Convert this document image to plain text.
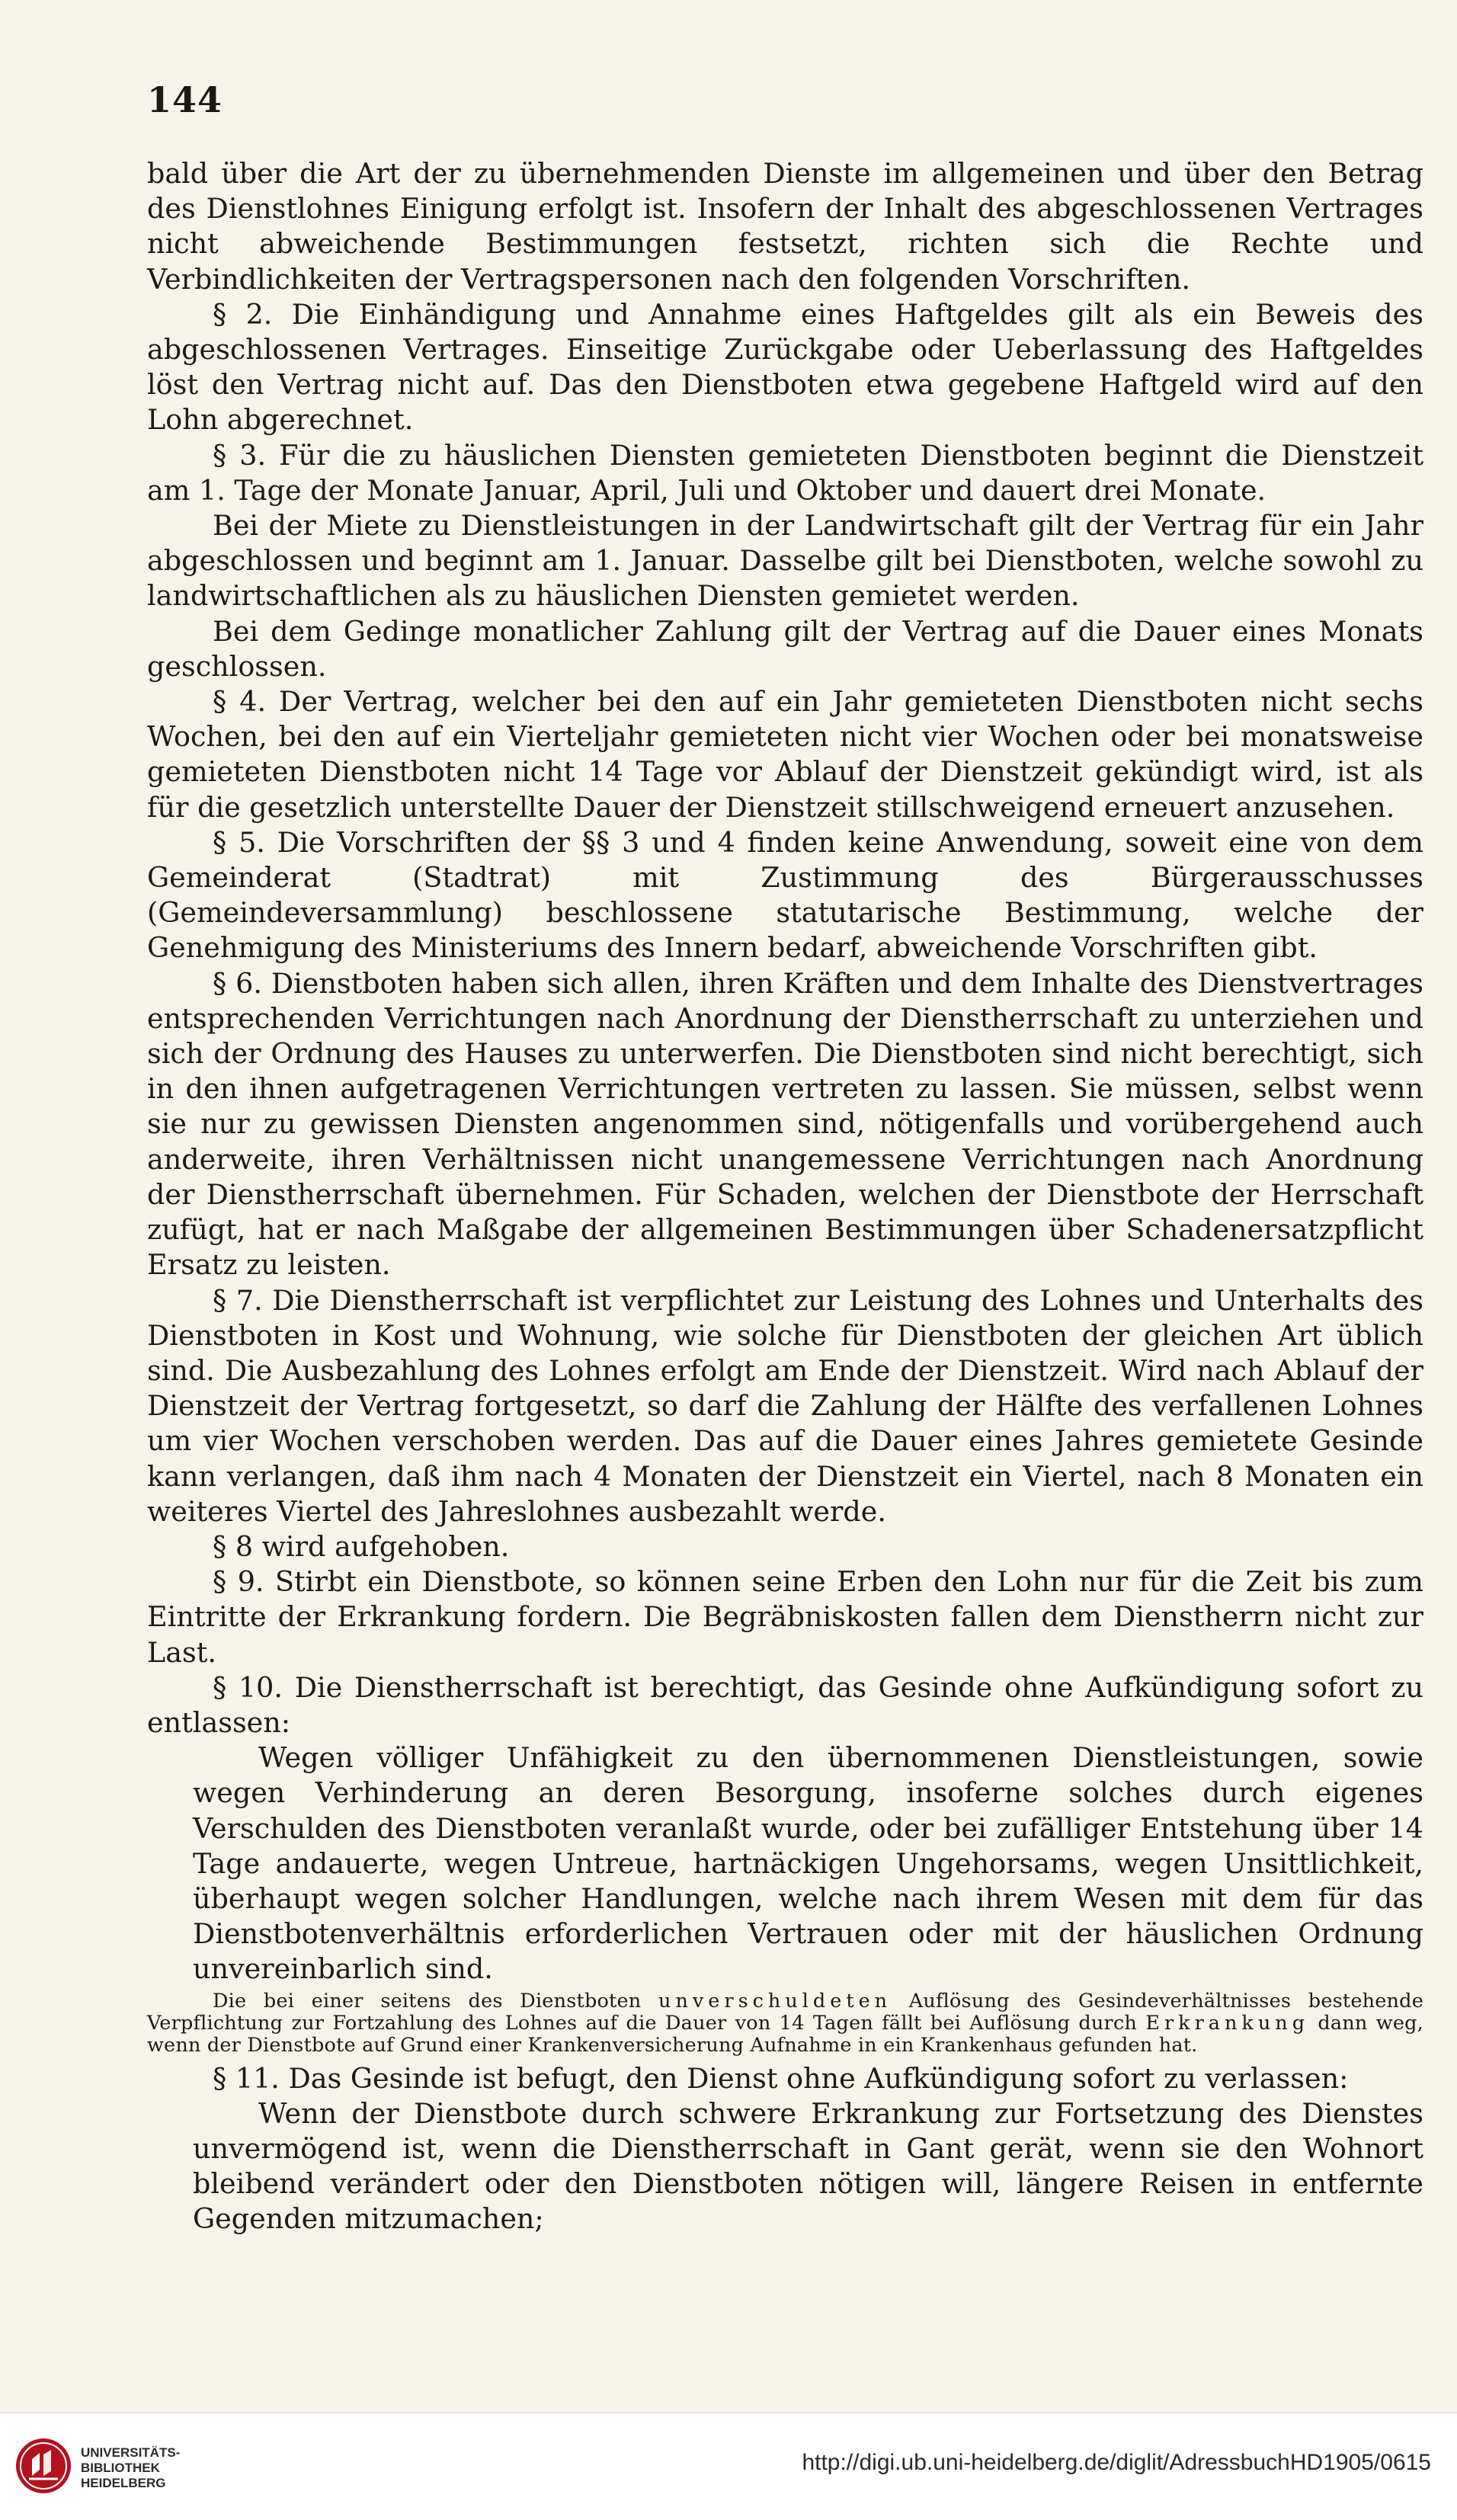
144

bald über die Art der zu übernehmenden Dienste im allgemeinen und über den Betrag des Dienstlohnes Einigung erfolgt ist. Insofern der Inhalt des abgeschlossenen Vertrages nicht abweichende Bestimmungen festsetzt, richten sich die Rechte und Verbindlichkeiten der Vertragspersonen nach den folgenden Vorschriften.

§ 2. Die Einhändigung und Annahme eines Haftgeldes gilt als ein Beweis des abgeschlossenen Vertrages. Einseitige Zurückgabe oder Ueberlassung des Haftgeldes löst den Vertrag nicht auf. Das den Dienstboten etwa gegebene Haftgeld wird auf den Lohn abgerechnet.

§ 3. Für die zu häuslichen Diensten gemieteten Dienstboten beginnt die Dienstzeit am 1. Tage der Monate Januar, April, Juli und Oktober und dauert drei Monate.

Bei der Miete zu Dienstleistungen in der Landwirtschaft gilt der Vertrag für ein Jahr abgeschlossen und beginnt am 1. Januar. Dasselbe gilt bei Dienstboten, welche sowohl zu landwirtschaftlichen als zu häuslichen Diensten gemietet werden.

Bei dem Gedinge monatlicher Zahlung gilt der Vertrag auf die Dauer eines Monats geschlossen.

§ 4. Der Vertrag, welcher bei den auf ein Jahr gemieteten Dienstboten nicht sechs Wochen, bei den auf ein Vierteljahr gemieteten nicht vier Wochen oder bei monatsweise gemieteten Dienstboten nicht 14 Tage vor Ablauf der Dienstzeit gekündigt wird, ist als für die gesetzlich unterstellte Dauer der Dienstzeit stillschweigend erneuert anzusehen.

§ 5. Die Vorschriften der §§ 3 und 4 finden keine Anwendung, soweit eine von dem Gemeinderat (Stadtrat) mit Zustimmung des Bürgerausschusses (Gemeindeversammlung) beschlossene statutarische Bestimmung, welche der Genehmigung des Ministeriums des Innern bedarf, abweichende Vorschriften gibt.

§ 6. Dienstboten haben sich allen, ihren Kräften und dem Inhalte des Dienstvertrages entsprechenden Verrichtungen nach Anordnung der Dienstherrschaft zu unterziehen und sich der Ordnung des Hauses zu unterwerfen. Die Dienstboten sind nicht berechtigt, sich in den ihnen aufgetragenen Verrichtungen vertreten zu lassen. Sie müssen, selbst wenn sie nur zu gewissen Diensten angenommen sind, nötigenfalls und vorübergehend auch anderweite, ihren Verhältnissen nicht unangemessene Verrichtungen nach Anordnung der Dienstherrschaft übernehmen. Für Schaden, welchen der Dienstbote der Herrschaft zufügt, hat er nach Maßgabe der allgemeinen Bestimmungen über Schadenersatzpflicht Ersatz zu leisten.

§ 7. Die Dienstherrschaft ist verpflichtet zur Leistung des Lohnes und Unterhalts des Dienstboten in Kost und Wohnung, wie solche für Dienstboten der gleichen Art üblich sind. Die Ausbezahlung des Lohnes erfolgt am Ende der Dienstzeit. Wird nach Ablauf der Dienstzeit der Vertrag fortgesetzt, so darf die Zahlung der Hälfte des verfallenen Lohnes um vier Wochen verschoben werden. Das auf die Dauer eines Jahres gemietete Gesinde kann verlangen, daß ihm nach 4 Monaten der Dienstzeit ein Viertel, nach 8 Monaten ein weiteres Viertel des Jahreslohnes ausbezahlt werde.

§ 8 wird aufgehoben.

§ 9. Stirbt ein Dienstbote, so können seine Erben den Lohn nur für die Zeit bis zum Eintritte der Erkrankung fordern. Die Begräbniskosten fallen dem Dienstherrn nicht zur Last.

§ 10. Die Dienstherrschaft ist berechtigt, das Gesinde ohne Aufkündigung sofort zu entlassen:

Wegen völliger Unfähigkeit zu den übernommenen Dienstleistungen, sowie wegen Verhinderung an deren Besorgung, insoferne solches durch eigenes Verschulden des Dienstboten veranlaßt wurde, oder bei zufälliger Entstehung über 14 Tage andauerte, wegen Untreue, hartnäckigen Ungehorsams, wegen Unsittlichkeit, überhaupt wegen solcher Handlungen, welche nach ihrem Wesen mit dem für das Dienstbotenverhältnis erforderlichen Vertrauen oder mit der häuslichen Ordnung unvereinbarlich sind.

Die bei einer seitens des Dienstboten unverschuldeten Auflösung des Gesindeverhältnisses bestehende Verpflichtung zur Fortzahlung des Lohnes auf die Dauer von 14 Tagen fällt bei Auflösung durch Erkrankung dann weg, wenn der Dienstbote auf Grund einer Krankenversicherung Aufnahme in ein Krankenhaus gefunden hat.

§ 11. Das Gesinde ist befugt, den Dienst ohne Aufkündigung sofort zu verlassen:

Wenn der Dienstbote durch schwere Erkrankung zur Fortsetzung des Dienstes unvermögend ist, wenn die Dienstherrschaft in Gant gerät, wenn sie den Wohnort bleibend verändert oder den Dienstboten nötigen will, längere Reisen in entfernte Gegenden mitzumachen;

UNIVERSITÄTS-
BIBLIOTHEK
HEIDELBERG
http://digi.ub.uni-heidelberg.de/diglit/AdressbuchHD1905/0615
